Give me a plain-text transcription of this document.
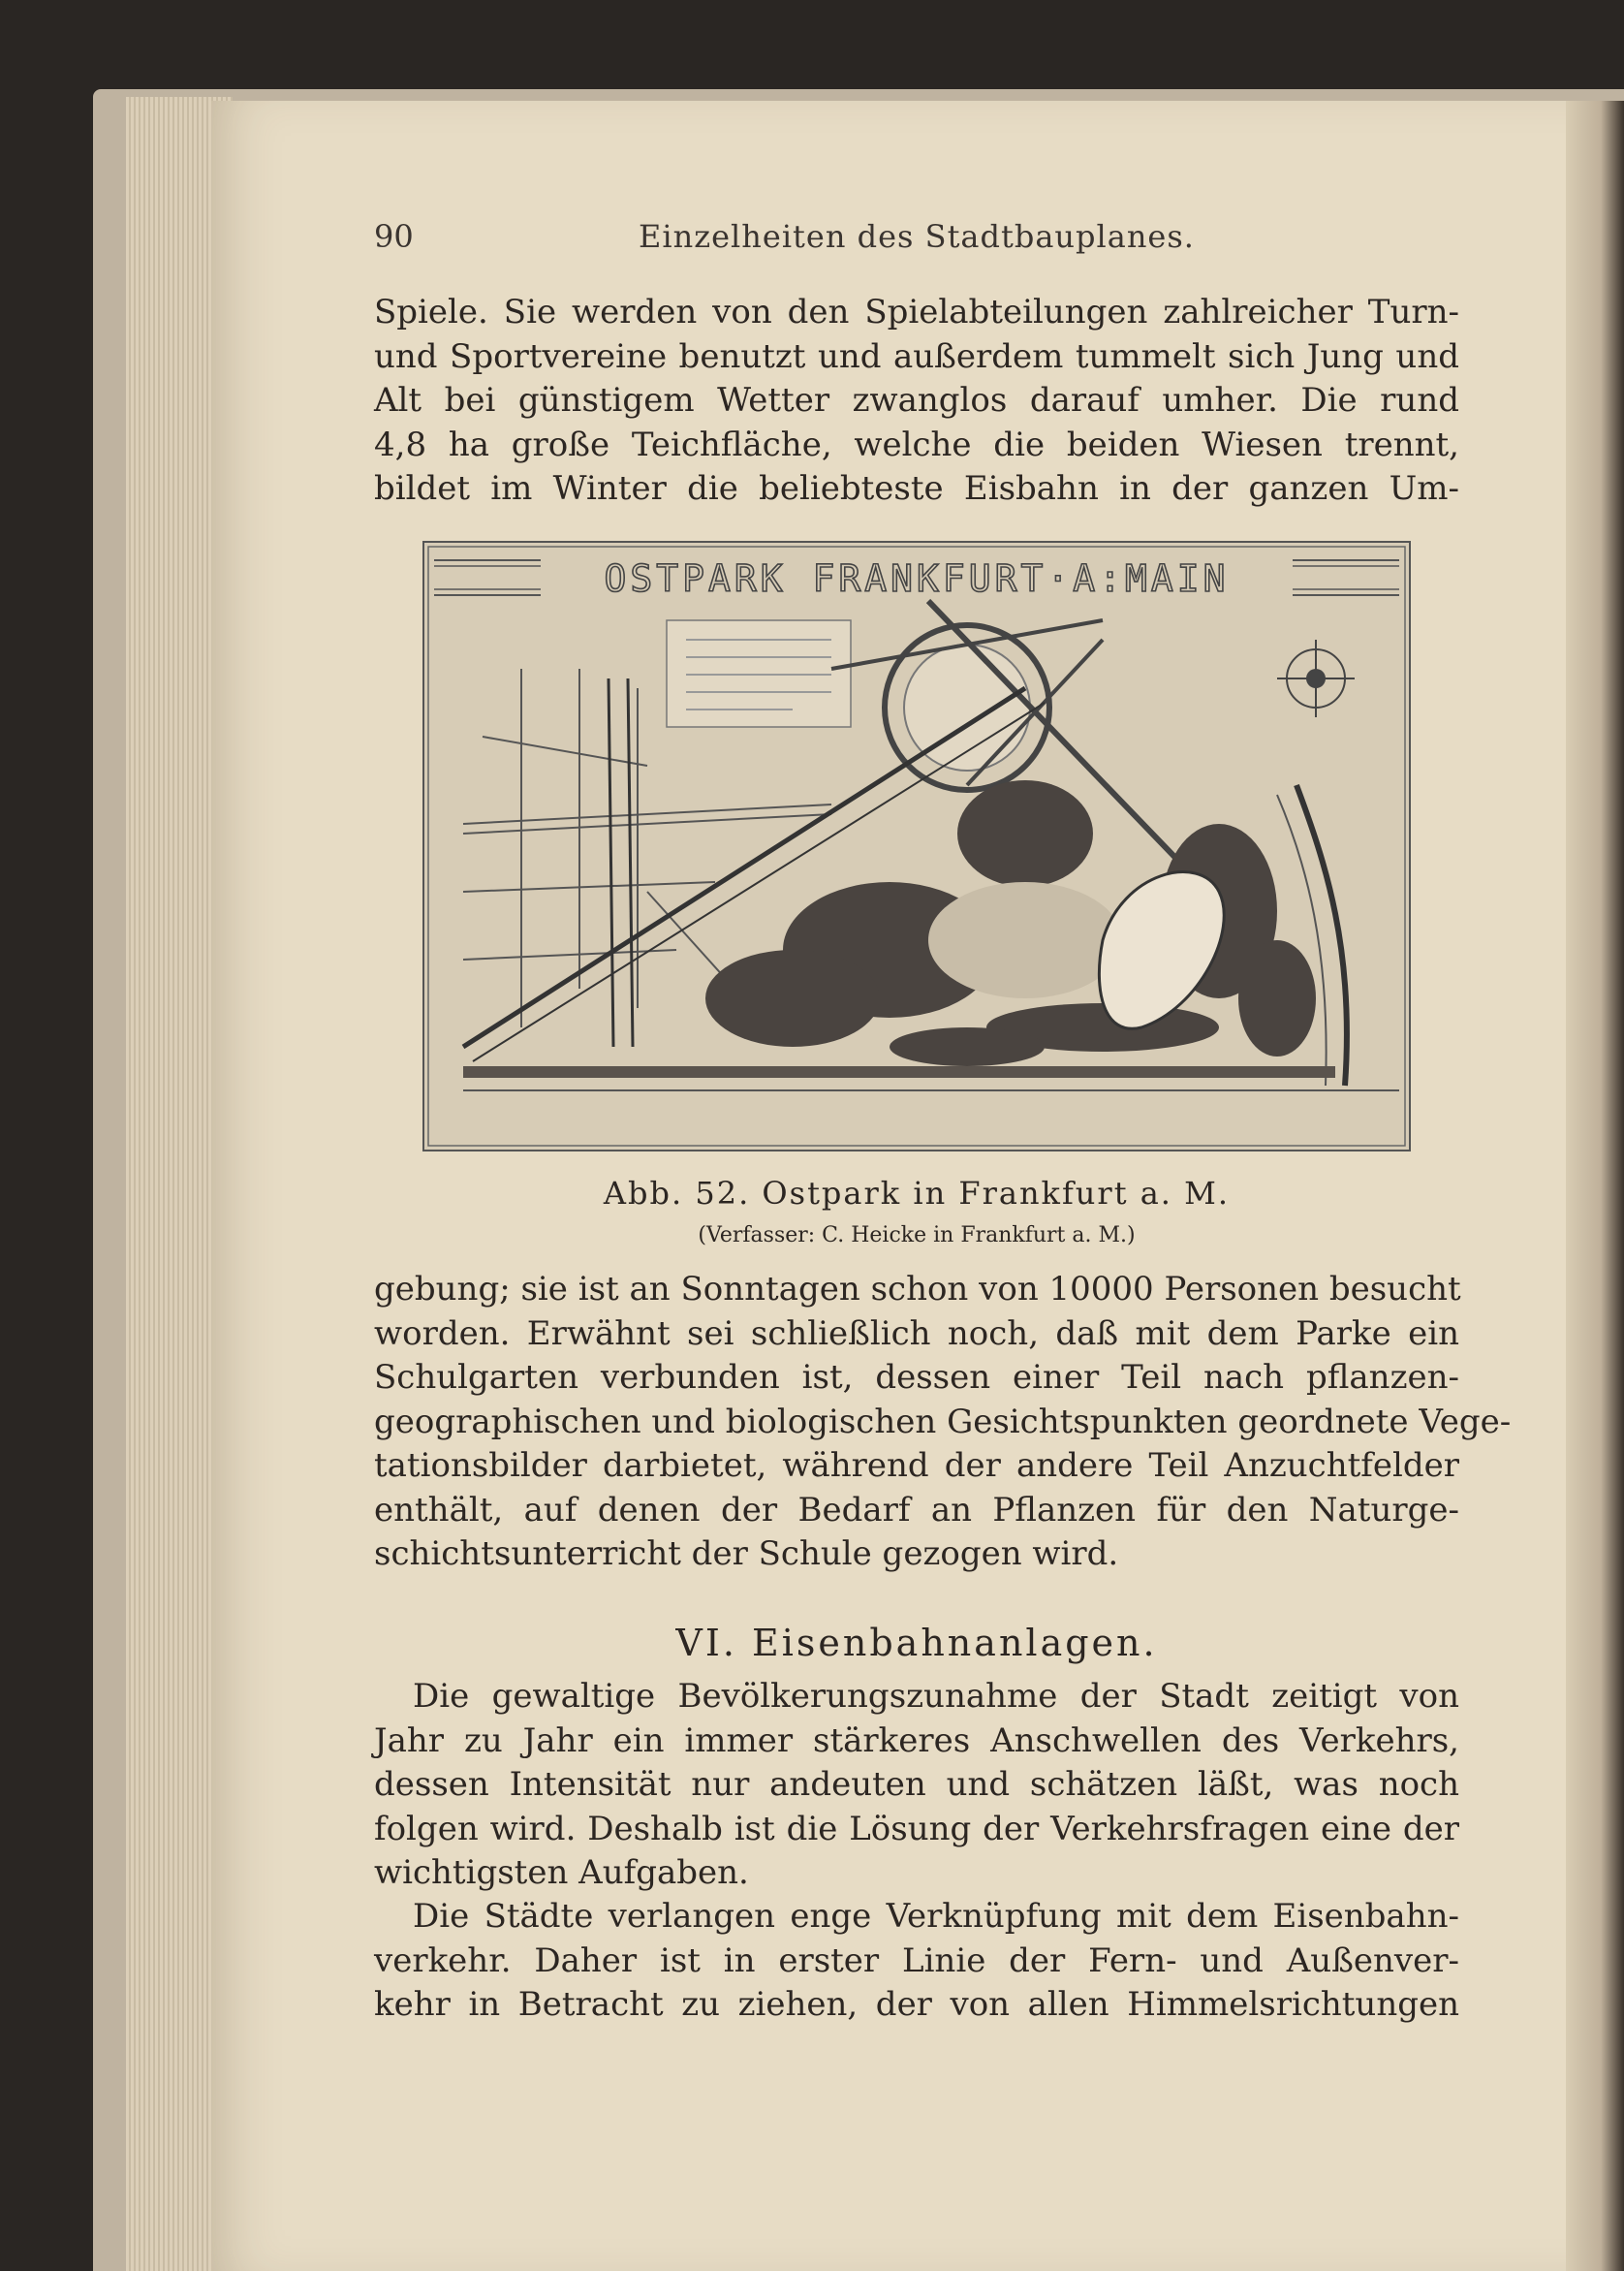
90	Einzelheiten des Stadtbauplanes.
Spiele. Sie werden von den Spielabteilungen zahlreicher Turn-
und Sportvereine benutzt und außerdem tummelt sich Jung und
Alt bei günstigem Wetter zwanglos darauf umher. Die rund
4,8 ha große Teichfläche, welche die beiden Wiesen trennt,
bildet im Winter die beliebteste Eisbahn in der ganzen Um-
OSTPARK FRANKFURT·A:MAIN
Abb. 52. Ostpark in Frankfurt a. M.
(Verfasser: C. Heicke in Frankfurt a. M.)
gebung; sie ist an Sonntagen schon von 10000 Personen besucht
worden. Erwähnt sei schließlich noch, daß mit dem Parke ein
Schulgarten verbunden ist, dessen einer Teil nach pflanzen-
geographischen und biologischen Gesichtspunkten geordnete Vege-
tationsbilder darbietet, während der andere Teil Anzuchtfelder
enthält, auf denen der Bedarf an Pflanzen für den Naturge-
schichtsunterricht der Schule gezogen wird.
VI. Eisenbahnanlagen.
Die gewaltige Bevölkerungszunahme der Stadt zeitigt von
Jahr zu Jahr ein immer stärkeres Anschwellen des Verkehrs,
dessen Intensität nur andeuten und schätzen läßt, was noch
folgen wird. Deshalb ist die Lösung der Verkehrsfragen eine der
wichtigsten Aufgaben.
Die Städte verlangen enge Verknüpfung mit dem Eisenbahn-
verkehr. Daher ist in erster Linie der Fern- und Außenver-
kehr in Betracht zu ziehen, der von allen Himmelsrichtungen
